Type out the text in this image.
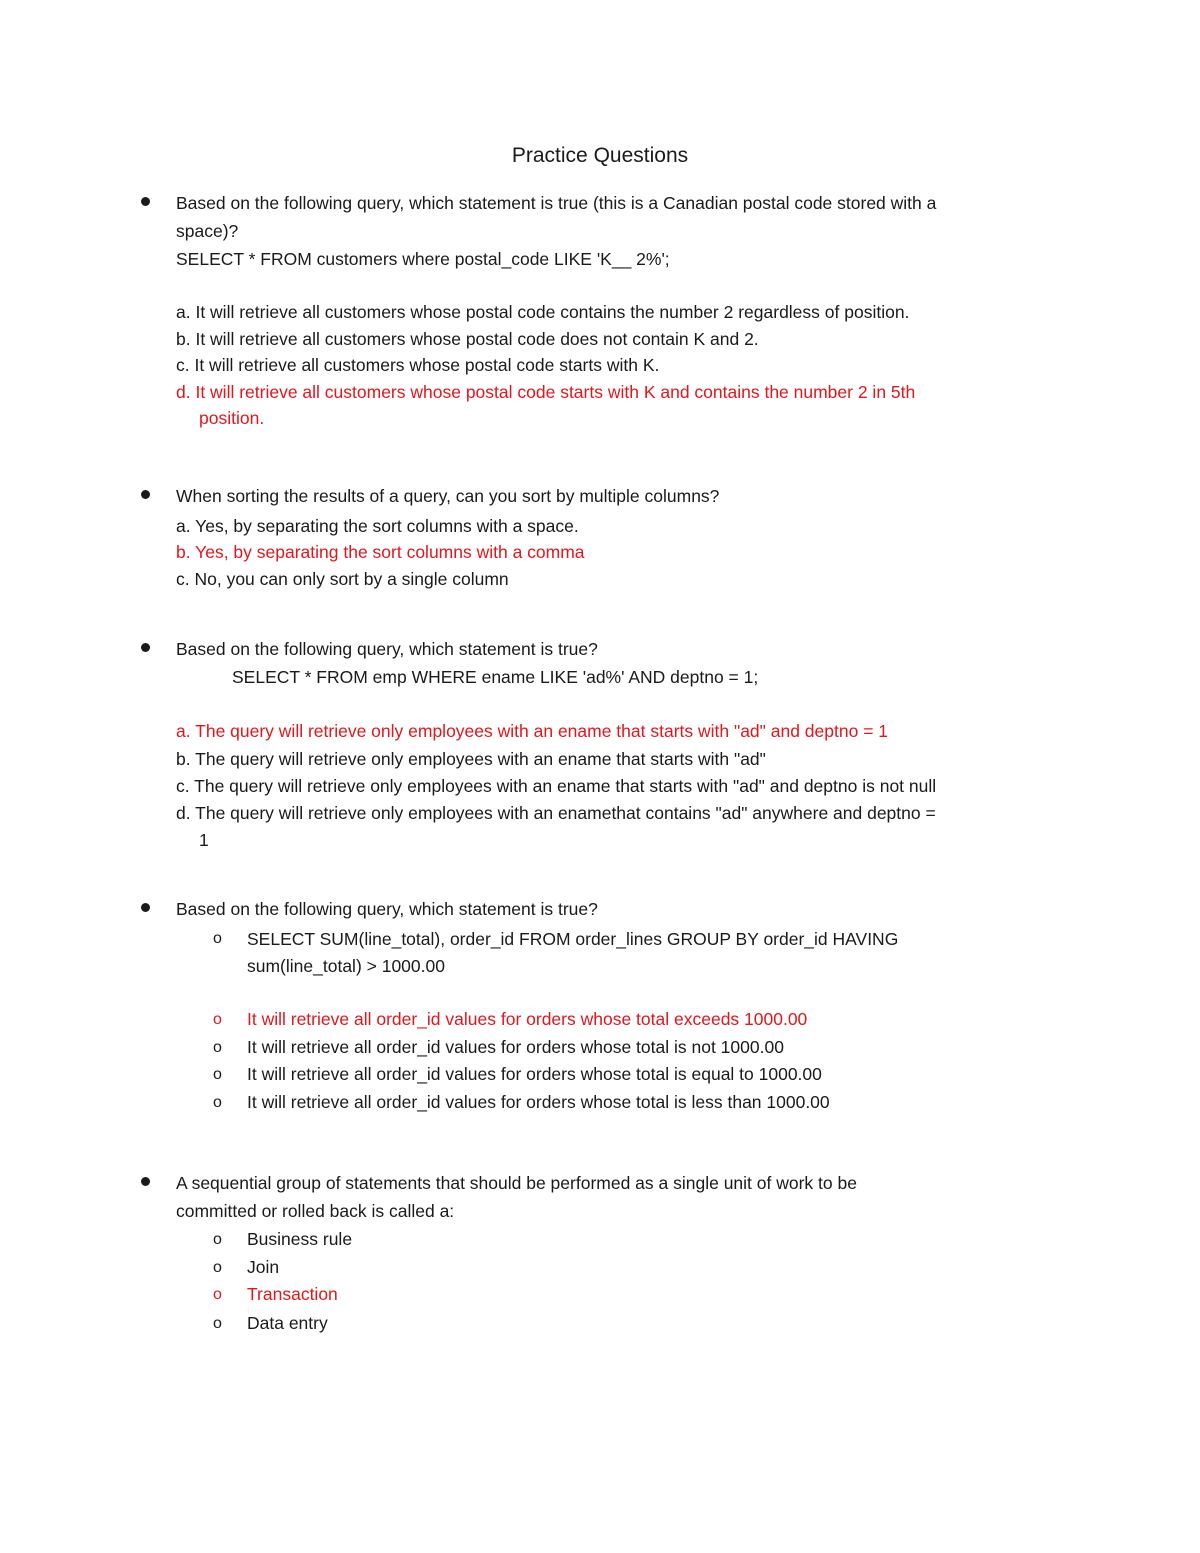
Practice Questions
Based on the following query, which statement is true (this is a Canadian postal code stored with a
space)?
SELECT * FROM customers where postal_code LIKE 'K__ 2%';
a. It will retrieve all customers whose postal code contains the number 2 regardless of position.
b. It will retrieve all customers whose postal code does not contain K and 2.
c. It will retrieve all customers whose postal code starts with K.
d. It will retrieve all customers whose postal code starts with K and contains the number 2 in 5th
position.
When sorting the results of a query, can you sort by multiple columns?
a. Yes, by separating the sort columns with a space.
b. Yes, by separating the sort columns with a comma
c. No, you can only sort by a single column
Based on the following query, which statement is true?
SELECT * FROM emp WHERE ename LIKE 'ad%' AND deptno = 1;
a. The query will retrieve only employees with an ename that starts with "ad" and deptno = 1
b. The query will retrieve only employees with an ename that starts with "ad"
c. The query will retrieve only employees with an ename that starts with "ad" and deptno is not null
d. The query will retrieve only employees with an enamethat contains "ad" anywhere and deptno =
1
Based on the following query, which statement is true?
o SELECT SUM(line_total), order_id FROM order_lines GROUP BY order_id HAVING
sum(line_total) > 1000.00
o It will retrieve all order_id values for orders whose total exceeds 1000.00
o It will retrieve all order_id values for orders whose total is not 1000.00
o It will retrieve all order_id values for orders whose total is equal to 1000.00
o It will retrieve all order_id values for orders whose total is less than 1000.00
A sequential group of statements that should be performed as a single unit of work to be
committed or rolled back is called a:
o Business rule
o Join
o Transaction
o Data entry
